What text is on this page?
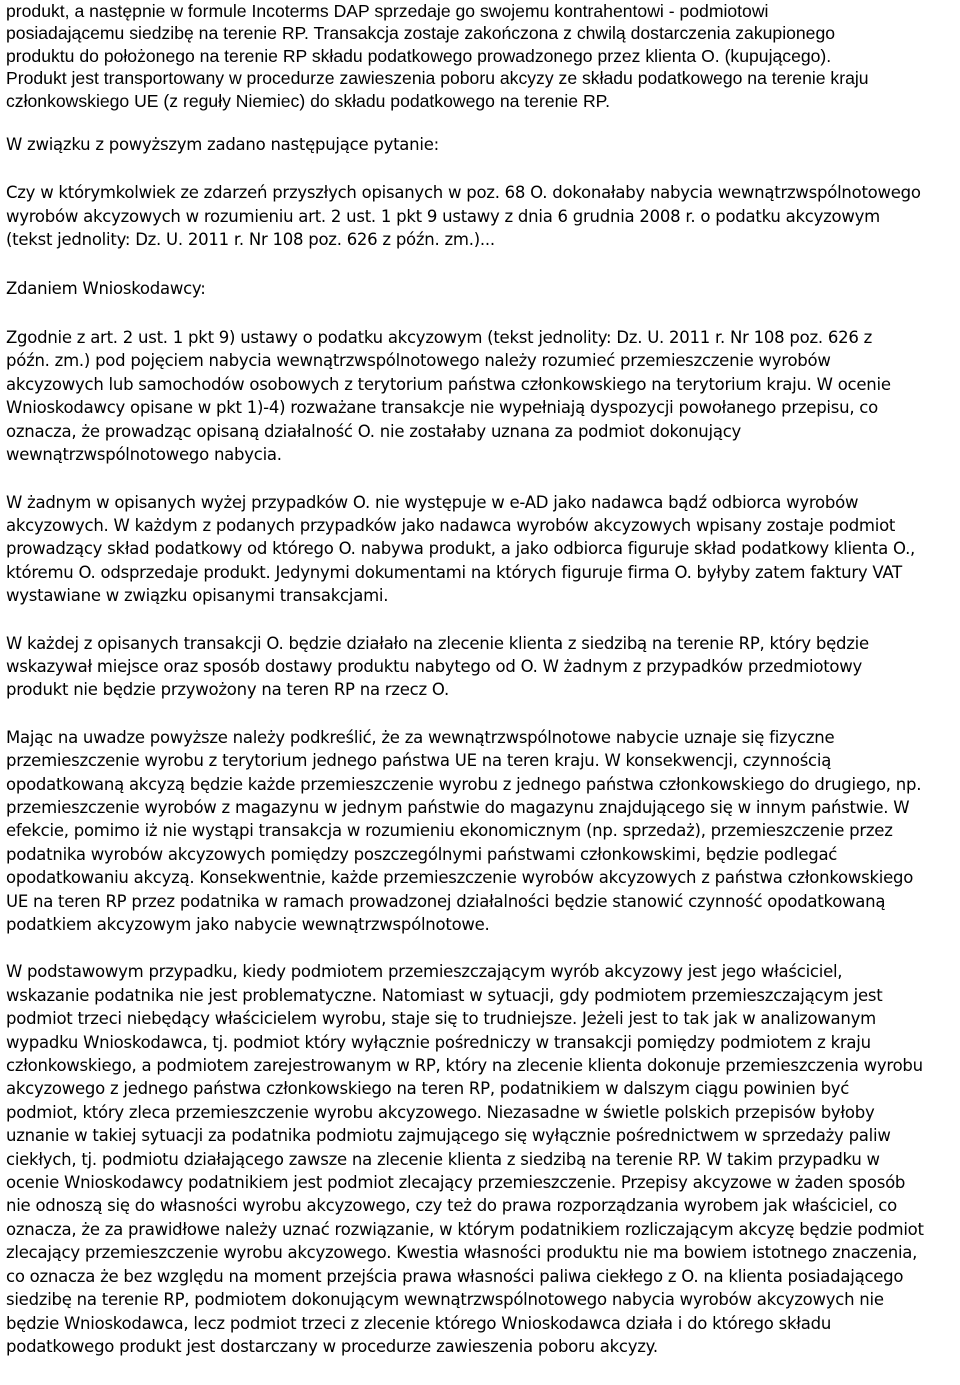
produkt, a następnie w formule Incoterms DAP sprzedaje go swojemu kontrahentowi - podmiotowi
posiadającemu siedzibę na terenie RP. Transakcja zostaje zakończona z chwilą dostarczenia zakupionego
produktu do położonego na terenie RP składu podatkowego prowadzonego przez klienta O. (kupującego).
Produkt jest transportowany w procedurze zawieszenia poboru akcyzy ze składu podatkowego na terenie kraju
członkowskiego UE (z reguły Niemiec) do składu podatkowego na terenie RP.

W związku z powyższym zadano następujące pytanie:

Czy w którymkolwiek ze zdarzeń przyszłych opisanych w poz. 68 O. dokonałaby nabycia wewnątrzwspólnotowego
wyrobów akcyzowych w rozumieniu art. 2 ust. 1 pkt 9 ustawy z dnia 6 grudnia 2008 r. o podatku akcyzowym
(tekst jednolity: Dz. U. 2011 r. Nr 108 poz. 626 z późn. zm.)...

Zdaniem Wnioskodawcy:

Zgodnie z art. 2 ust. 1 pkt 9) ustawy o podatku akcyzowym (tekst jednolity: Dz. U. 2011 r. Nr 108 poz. 626 z
późn. zm.) pod pojęciem nabycia wewnątrzwspólnotowego należy rozumieć przemieszczenie wyrobów
akcyzowych lub samochodów osobowych z terytorium państwa członkowskiego na terytorium kraju. W ocenie
Wnioskodawcy opisane w pkt 1)-4) rozważane transakcje nie wypełniają dyspozycji powołanego przepisu, co
oznacza, że prowadząc opisaną działalność O. nie zostałaby uznana za podmiot dokonujący
wewnątrzwspólnotowego nabycia.

W żadnym w opisanych wyżej przypadków O. nie występuje w e-AD jako nadawca bądź odbiorca wyrobów
akcyzowych. W każdym z podanych przypadków jako nadawca wyrobów akcyzowych wpisany zostaje podmiot
prowadzący skład podatkowy od którego O. nabywa produkt, a jako odbiorca figuruje skład podatkowy klienta O.,
któremu O. odsprzedaje produkt. Jedynymi dokumentami na których figuruje firma O. byłyby zatem faktury VAT
wystawiane w związku opisanymi transakcjami.

W każdej z opisanych transakcji O. będzie działało na zlecenie klienta z siedzibą na terenie RP, który będzie
wskazywał miejsce oraz sposób dostawy produktu nabytego od O. W żadnym z przypadków przedmiotowy
produkt nie będzie przywożony na teren RP na rzecz O.

Mając na uwadze powyższe należy podkreślić, że za wewnątrzwspólnotowe nabycie uznaje się fizyczne
przemieszczenie wyrobu z terytorium jednego państwa UE na teren kraju. W konsekwencji, czynnością
opodatkowaną akcyzą będzie każde przemieszczenie wyrobu z jednego państwa członkowskiego do drugiego, np.
przemieszczenie wyrobów z magazynu w jednym państwie do magazynu znajdującego się w innym państwie. W
efekcie, pomimo iż nie wystąpi transakcja w rozumieniu ekonomicznym (np. sprzedaż), przemieszczenie przez
podatnika wyrobów akcyzowych pomiędzy poszczególnymi państwami członkowskimi, będzie podlegać
opodatkowaniu akcyzą. Konsekwentnie, każde przemieszczenie wyrobów akcyzowych z państwa członkowskiego
UE na teren RP przez podatnika w ramach prowadzonej działalności będzie stanowić czynność opodatkowaną
podatkiem akcyzowym jako nabycie wewnątrzwspólnotowe.

W podstawowym przypadku, kiedy podmiotem przemieszczającym wyrób akcyzowy jest jego właściciel,
wskazanie podatnika nie jest problematyczne. Natomiast w sytuacji, gdy podmiotem przemieszczającym jest
podmiot trzeci niebędący właścicielem wyrobu, staje się to trudniejsze. Jeżeli jest to tak jak w analizowanym
wypadku Wnioskodawca, tj. podmiot który wyłącznie pośredniczy w transakcji pomiędzy podmiotem z kraju
członkowskiego, a podmiotem zarejestrowanym w RP, który na zlecenie klienta dokonuje przemieszczenia wyrobu
akcyzowego z jednego państwa członkowskiego na teren RP, podatnikiem w dalszym ciągu powinien być
podmiot, który zleca przemieszczenie wyrobu akcyzowego. Niezasadne w świetle polskich przepisów byłoby
uznanie w takiej sytuacji za podatnika podmiotu zajmującego się wyłącznie pośrednictwem w sprzedaży paliw
ciekłych, tj. podmiotu działającego zawsze na zlecenie klienta z siedzibą na terenie RP. W takim przypadku w
ocenie Wnioskodawcy podatnikiem jest podmiot zlecający przemieszczenie. Przepisy akcyzowe w żaden sposób
nie odnoszą się do własności wyrobu akcyzowego, czy też do prawa rozporządzania wyrobem jak właściciel, co
oznacza, że za prawidłowe należy uznać rozwiązanie, w którym podatnikiem rozliczającym akcyzę będzie podmiot
zlecający przemieszczenie wyrobu akcyzowego. Kwestia własności produktu nie ma bowiem istotnego znaczenia,
co oznacza że bez względu na moment przejścia prawa własności paliwa ciekłego z O. na klienta posiadającego
siedzibę na terenie RP, podmiotem dokonującym wewnątrzwspólnotowego nabycia wyrobów akcyzowych nie
będzie Wnioskodawca, lecz podmiot trzeci z zlecenie którego Wnioskodawca działa i do którego składu
podatkowego produkt jest dostarczany w procedurze zawieszenia poboru akcyzy.
